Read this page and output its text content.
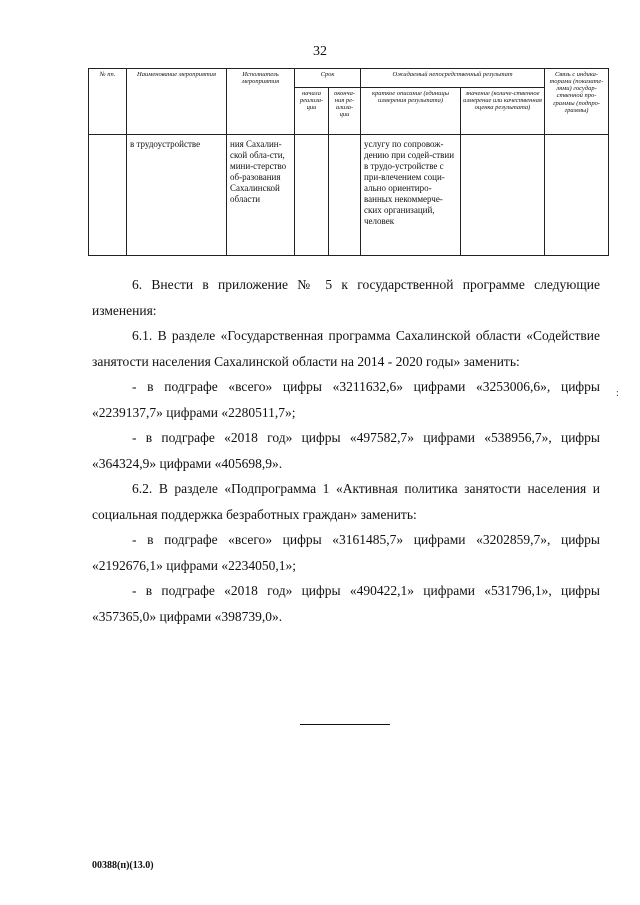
32
№ пп.	Наименование мероприятия	Исполнитель мероприятия	Срок		Ожидаемый непосредственный результат		Связь с индика-торами (показате-лями) государ-ственной про-граммы (подпро-граммы)
			начала реализа-ции	оконча-ния ре-ализа-ции	краткое описание (единицы измерения результата)	значение (количе-ственное измерение или качественная оценка результата)	
	в трудоустройстве	ния Сахалин-ской обла-сти, мини-стерство об-разования Сахалинской области			услугу по сопровож-дению при содей-ствии в трудо-устройстве с при-влечением соци-ально ориентиро-ванных некоммерче-ских организаций, человек		

6. Внести в приложение № 5 к государственной программе следующие изменения:

6.1. В разделе «Государственная программа Сахалинской области «Содействие занятости населения Сахалинской области на 2014 - 2020 годы» заменить:

- в подграфе «всего» цифры «3211632,6» цифрами «3253006,6», цифры «2239137,7» цифрами «2280511,7»;

- в подграфе «2018 год» цифры «497582,7» цифрами «538956,7», цифры «364324,9» цифрами «405698,9».

6.2. В разделе «Подпрограмма 1 «Активная политика занятости населения и социальная поддержка безработных граждан» заменить:

- в подграфе «всего» цифры «3161485,7» цифрами «3202859,7», цифры «2192676,1» цифрами «2234050,1»;

- в подграфе «2018 год» цифры «490422,1» цифрами «531796,1», цифры «357365,0» цифрами «398739,0».

:
00388(п)(13.0)
